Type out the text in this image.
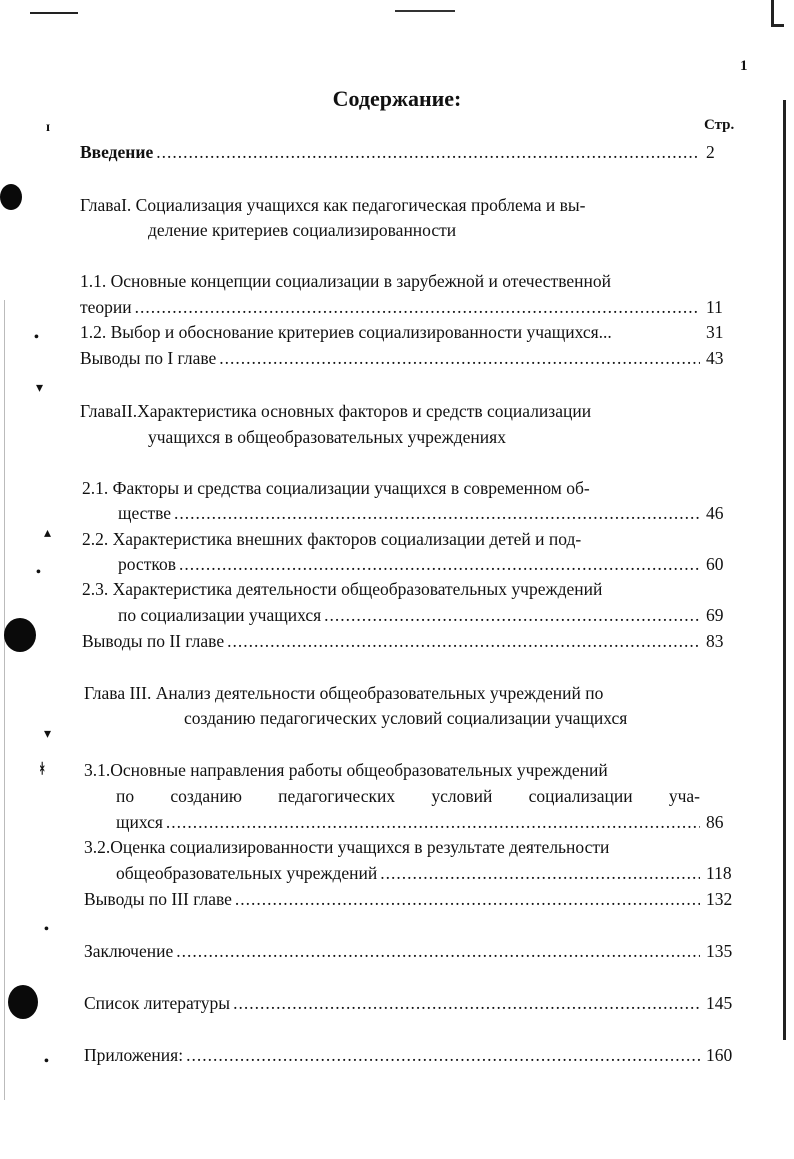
ɪ
•
▾
▴
•
▾
ᚼ
•
•
1
Содержание:
Стр.
Введение .....	2
ГлаваI. Социализация учащихся как педагогическая проблема и вы-
деление критериев социализированности
1.1. Основные концепции социализации в зарубежной и отечественной
теории .....	11
1.2. Выбор и обоснование критериев социализированности учащихся...	31
Выводы по I главе .....	43
ГлаваII.Характеристика основных факторов и средств социализации
учащихся в общеобразовательных учреждениях
2.1. Факторы и средства социализации учащихся в современном об-
ществе .....	46
2.2. Характеристика внешних факторов социализации детей и под-
ростков .....	60
2.3. Характеристика деятельности общеобразовательных учреждений
по социализации учащихся .....	69
Выводы по II главе .....	83
Глава III. Анализ деятельности общеобразовательных учреждений по
созданию педагогических условий социализации учащихся
3.1.Основные направления работы общеобразовательных учреждений
по созданию педагогических условий социализации уча-
щихся .....	86
3.2.Оценка социализированности учащихся в результате деятельности
общеобразовательных учреждений .....	118
Выводы по III главе .....	132
Заключение .....	135
Список литературы .....	145
Приложения: .....	160
